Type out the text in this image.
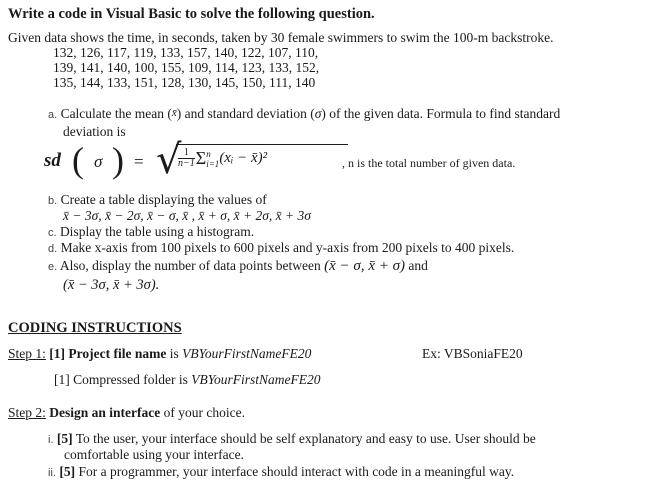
Write a code in Visual Basic to solve the following question.
Given data shows the time, in seconds, taken by 30 female swimmers to swim the 100-m backstroke.
132, 126, 117, 119, 133, 157, 140, 122, 107, 110,
139, 141, 140, 100, 155, 109, 114, 123, 133, 152,
135, 144, 133, 151, 128, 130, 145, 150, 111, 140
a. Calculate the mean (x̄) and standard deviation (σ) of the given data. Formula to find standard
deviation is
sd ( σ ) = √
$\frac{1}{n-1}$ Σ n
i=1 (xᵢ − x̄)²	, n is the total number of given data.
b. Create a table displaying the values of
x̄ − 3σ, x̄ − 2σ, x̄ − σ, x̄ , x̄ + σ, x̄ + 2σ, x̄ + 3σ
c. Display the table using a histogram.
d. Make x-axis from 100 pixels to 600 pixels and y-axis from 200 pixels to 400 pixels.
e. Also, display the number of data points between (x̄ − σ, x̄ + σ) and
(x̄ − 3σ, x̄ + 3σ).
CODING INSTRUCTIONS
Step 1: [1] Project file name is VBYourFirstNameFE20	Ex: VBSoniaFE20
[1] Compressed folder is VBYourFirstNameFE20
Step 2: Design an interface of your choice.
i. [5] To the user, your interface should be self explanatory and easy to use. User should be
comfortable using your interface.
ii. [5] For a programmer, your interface should interact with code in a meaningful way.
